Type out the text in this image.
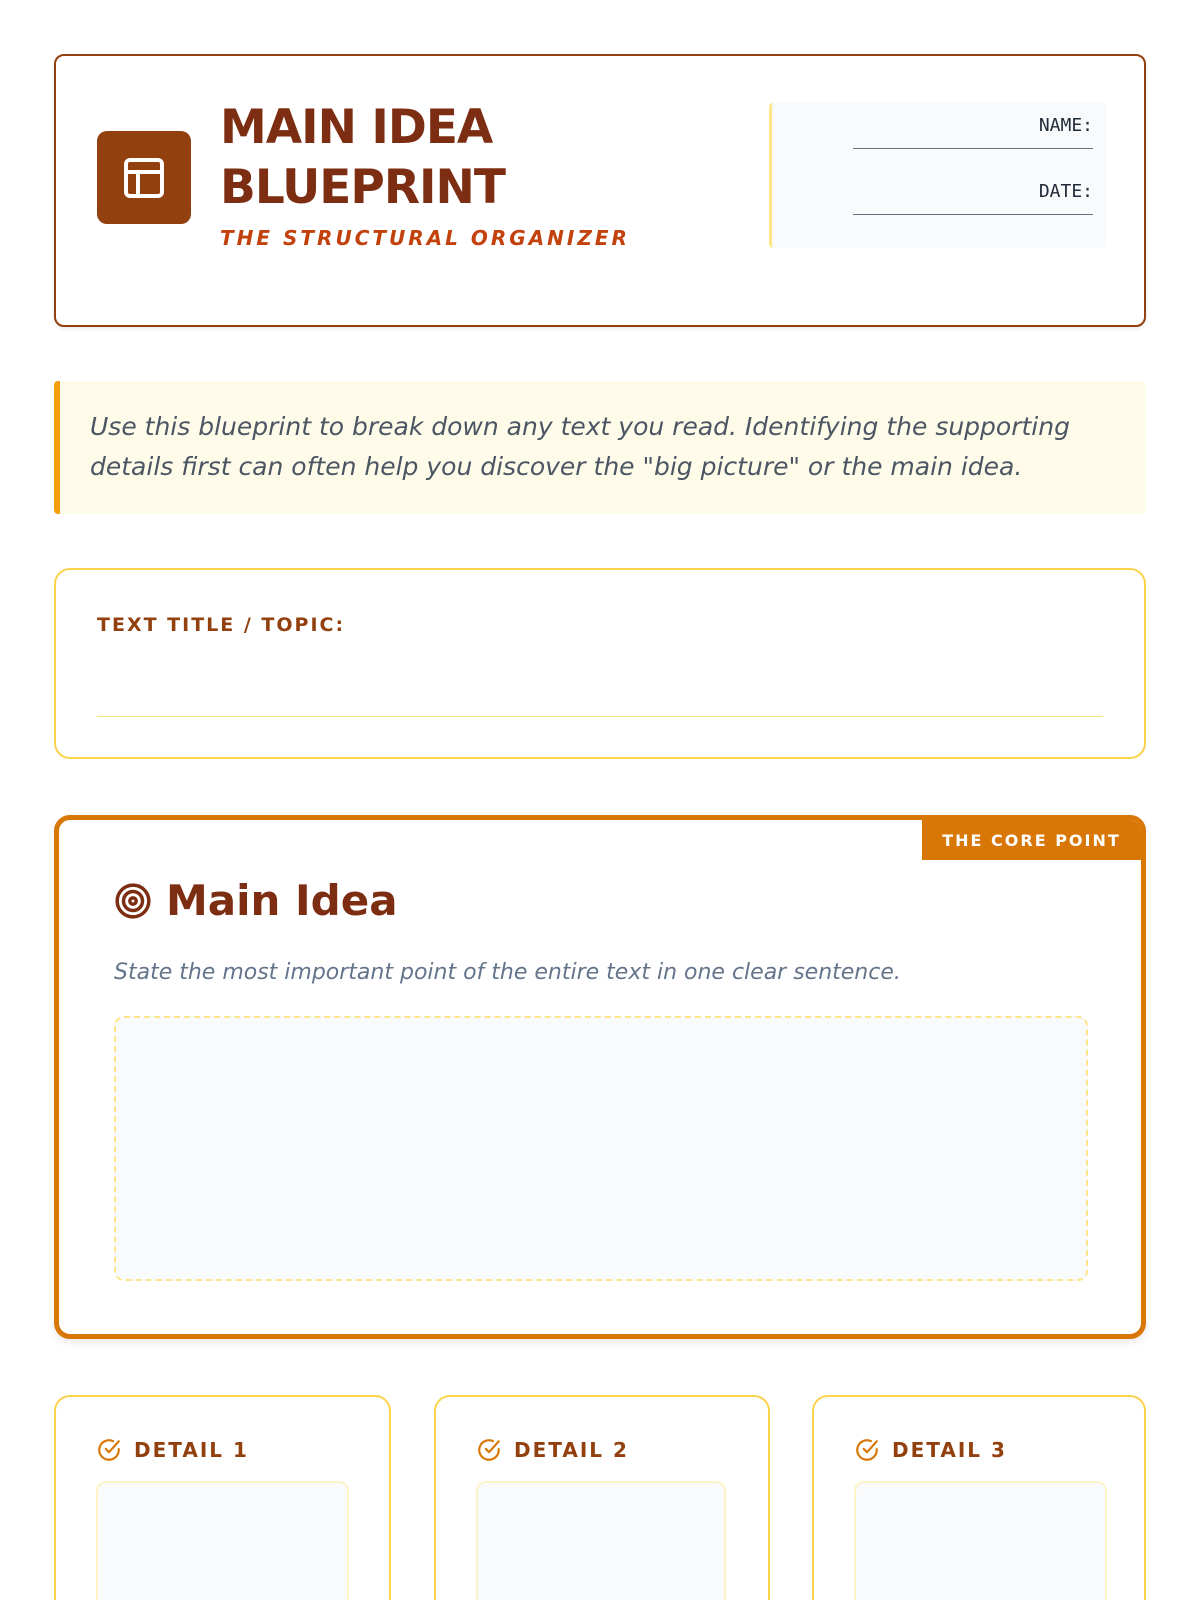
MAIN IDEA BLUEPRINT
THE STRUCTURAL ORGANIZER
NAME:
DATE:
Use this blueprint to break down any text you read. Identifying the supporting details first can often help you discover the "big picture" or the main idea.
TEXT TITLE / TOPIC:
THE CORE POINT
Main Idea
State the most important point of the entire text in one clear sentence.
DETAIL 1	DETAIL 2	DETAIL 3
